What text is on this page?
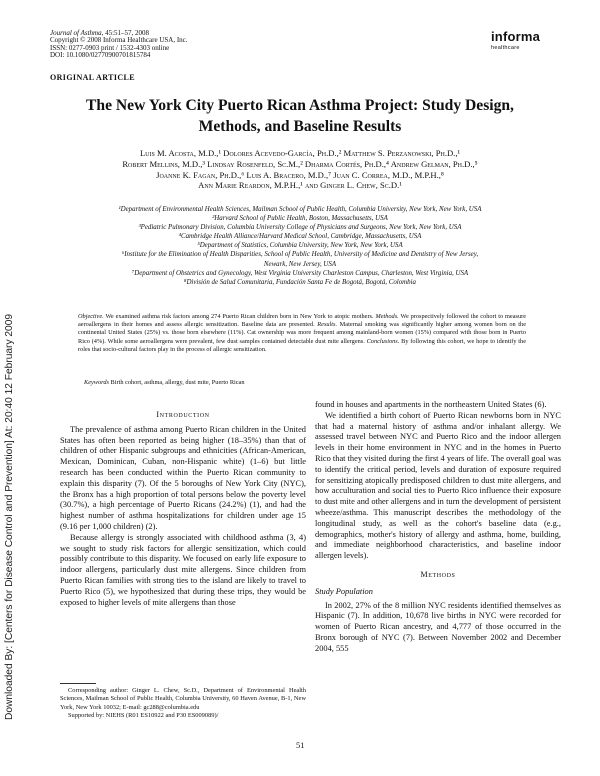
Downloaded By: [Centers for Disease Control and Prevention] At: 20:40 12 February 2009
Journal of Asthma, 45:51–57, 2008
Copyright © 2008 Informa Healthcare USA, Inc.
ISSN: 0277-0903 print / 1532-4303 online
DOI: 10.1080/02770900701815784
informa
healthcare
ORIGINAL ARTICLE
The New York City Puerto Rican Asthma Project: Study Design,
Methods, and Baseline Results
Luis M. Acosta, M.D.,¹ Dolores Acevedo-García, Ph.D.,² Matthew S. Perzanowski, Ph.D.,¹
Robert Mellins, M.D.,³ Lindsay Rosenfeld, Sc.M.,² Dharma Cortés, Ph.D.,⁴ Andrew Gelman, Ph.D.,⁵
Joanne K. Fagan, Ph.D.,⁶ Luis A. Bracero, M.D.,⁷ Juan C. Correa, M.D., M.P.H.,⁸
Ann Marie Reardon, M.P.H.,¹ and Ginger L. Chew, Sc.D.¹
¹Department of Environmental Health Sciences, Mailman School of Public Health, Columbia University, New York, New York, USA
²Harvard School of Public Health, Boston, Massachusetts, USA
³Pediatric Pulmonary Division, Columbia University College of Physicians and Surgeons, New York, New York, USA
⁴Cambridge Health Alliance/Harvard Medical School, Cambridge, Massachusetts, USA
⁵Department of Statistics, Columbia University, New York, New York, USA
⁶Institute for the Elimination of Health Disparities, School of Public Health, University of Medicine and Dentistry of New Jersey,
Newark, New Jersey, USA
⁷Department of Obstetrics and Gynecology, West Virginia University Charleston Campus, Charleston, West Virginia, USA
⁸División de Salud Comunitaria, Fundación Santa Fe de Bogotá, Bogotá, Colombia
Objective. We examined asthma risk factors among 274 Puerto Rican children born in New York to atopic mothers. Methods. We prospectively followed the cohort to measure aeroallergens in their homes and assess allergic sensitization. Baseline data are presented. Results. Maternal smoking was significantly higher among women born on the continental United States (25%) vs. those born elsewhere (11%). Cat ownership was more frequent among mainland-born women (15%) compared with those born in Puerto Rico (4%). While some aeroallergens were prevalent, few dust samples contained detectable dust mite allergens. Conclusions. By following this cohort, we hope to identify the roles that socio-cultural factors play in the process of allergic sensitization.
Keywords Birth cohort, asthma, allergy, dust mite, Puerto Rican
Introduction

The prevalence of asthma among Puerto Rican children in the United States has often been reported as being higher (18–35%) than that of children of other Hispanic subgroups and ethnicities (African-American, Mexican, Dominican, Cuban, non-Hispanic white) (1–6) but little research has been conducted within the Puerto Rican community to explain this disparity (7). Of the 5 boroughs of New York City (NYC), the Bronx has a high proportion of total persons below the poverty level (30.7%), a high percentage of Puerto Ricans (24.2%) (1), and had the highest number of asthma hospitalizations for children under age 15 (9.16 per 1,000 children) (2).

Because allergy is strongly associated with childhood asthma (3, 4) we sought to study risk factors for allergic sensitization, which could possibly contribute to this disparity. We focused on early life exposure to indoor allergens, particularly dust mite allergens. Since children from Puerto Rican families with strong ties to the island are likely to travel to Puerto Rico (5), we hypothesized that during these trips, they would be exposed to higher levels of mite allergens than those

found in houses and apartments in the northeastern United States (6).

We identified a birth cohort of Puerto Rican newborns born in NYC that had a maternal history of asthma and/or inhalant allergy. We assessed travel between NYC and Puerto Rico and the indoor allergen levels in their home environment in NYC and in the homes in Puerto Rico that they visited during the first 4 years of life. The overall goal was to identify the critical period, levels and duration of exposure required for sensitizing atopically predisposed children to dust mite allergens, and how acculturation and social ties to Puerto Rico influence their exposure to dust mite and other allergens and in turn the development of persistent wheeze/asthma. This manuscript describes the methodology of the longitudinal study, as well as the cohort's baseline data (e.g., demographics, mother's history of allergy and asthma, home, building, and immediate neighborhood characteristics, and baseline indoor allergen levels).

Methods
Study Population

In 2002, 27% of the 8 million NYC residents identified themselves as Hispanic (7). In addition, 10,678 live births in NYC were recorded for women of Puerto Rican ancestry, and 4,777 of those occurred in the Bronx borough of NYC (7). Between November 2002 and December 2004, 555

Corresponding author: Ginger L. Chew, Sc.D., Department of Environmental Health Sciences, Mailman School of Public Health, Columbia University, 60 Haven Avenue, B-1, New York, New York 10032; E-mail: gc288@columbia.edu

Supported by: NIEHS (R01 ES10922 and P30 ES009089)/

51
